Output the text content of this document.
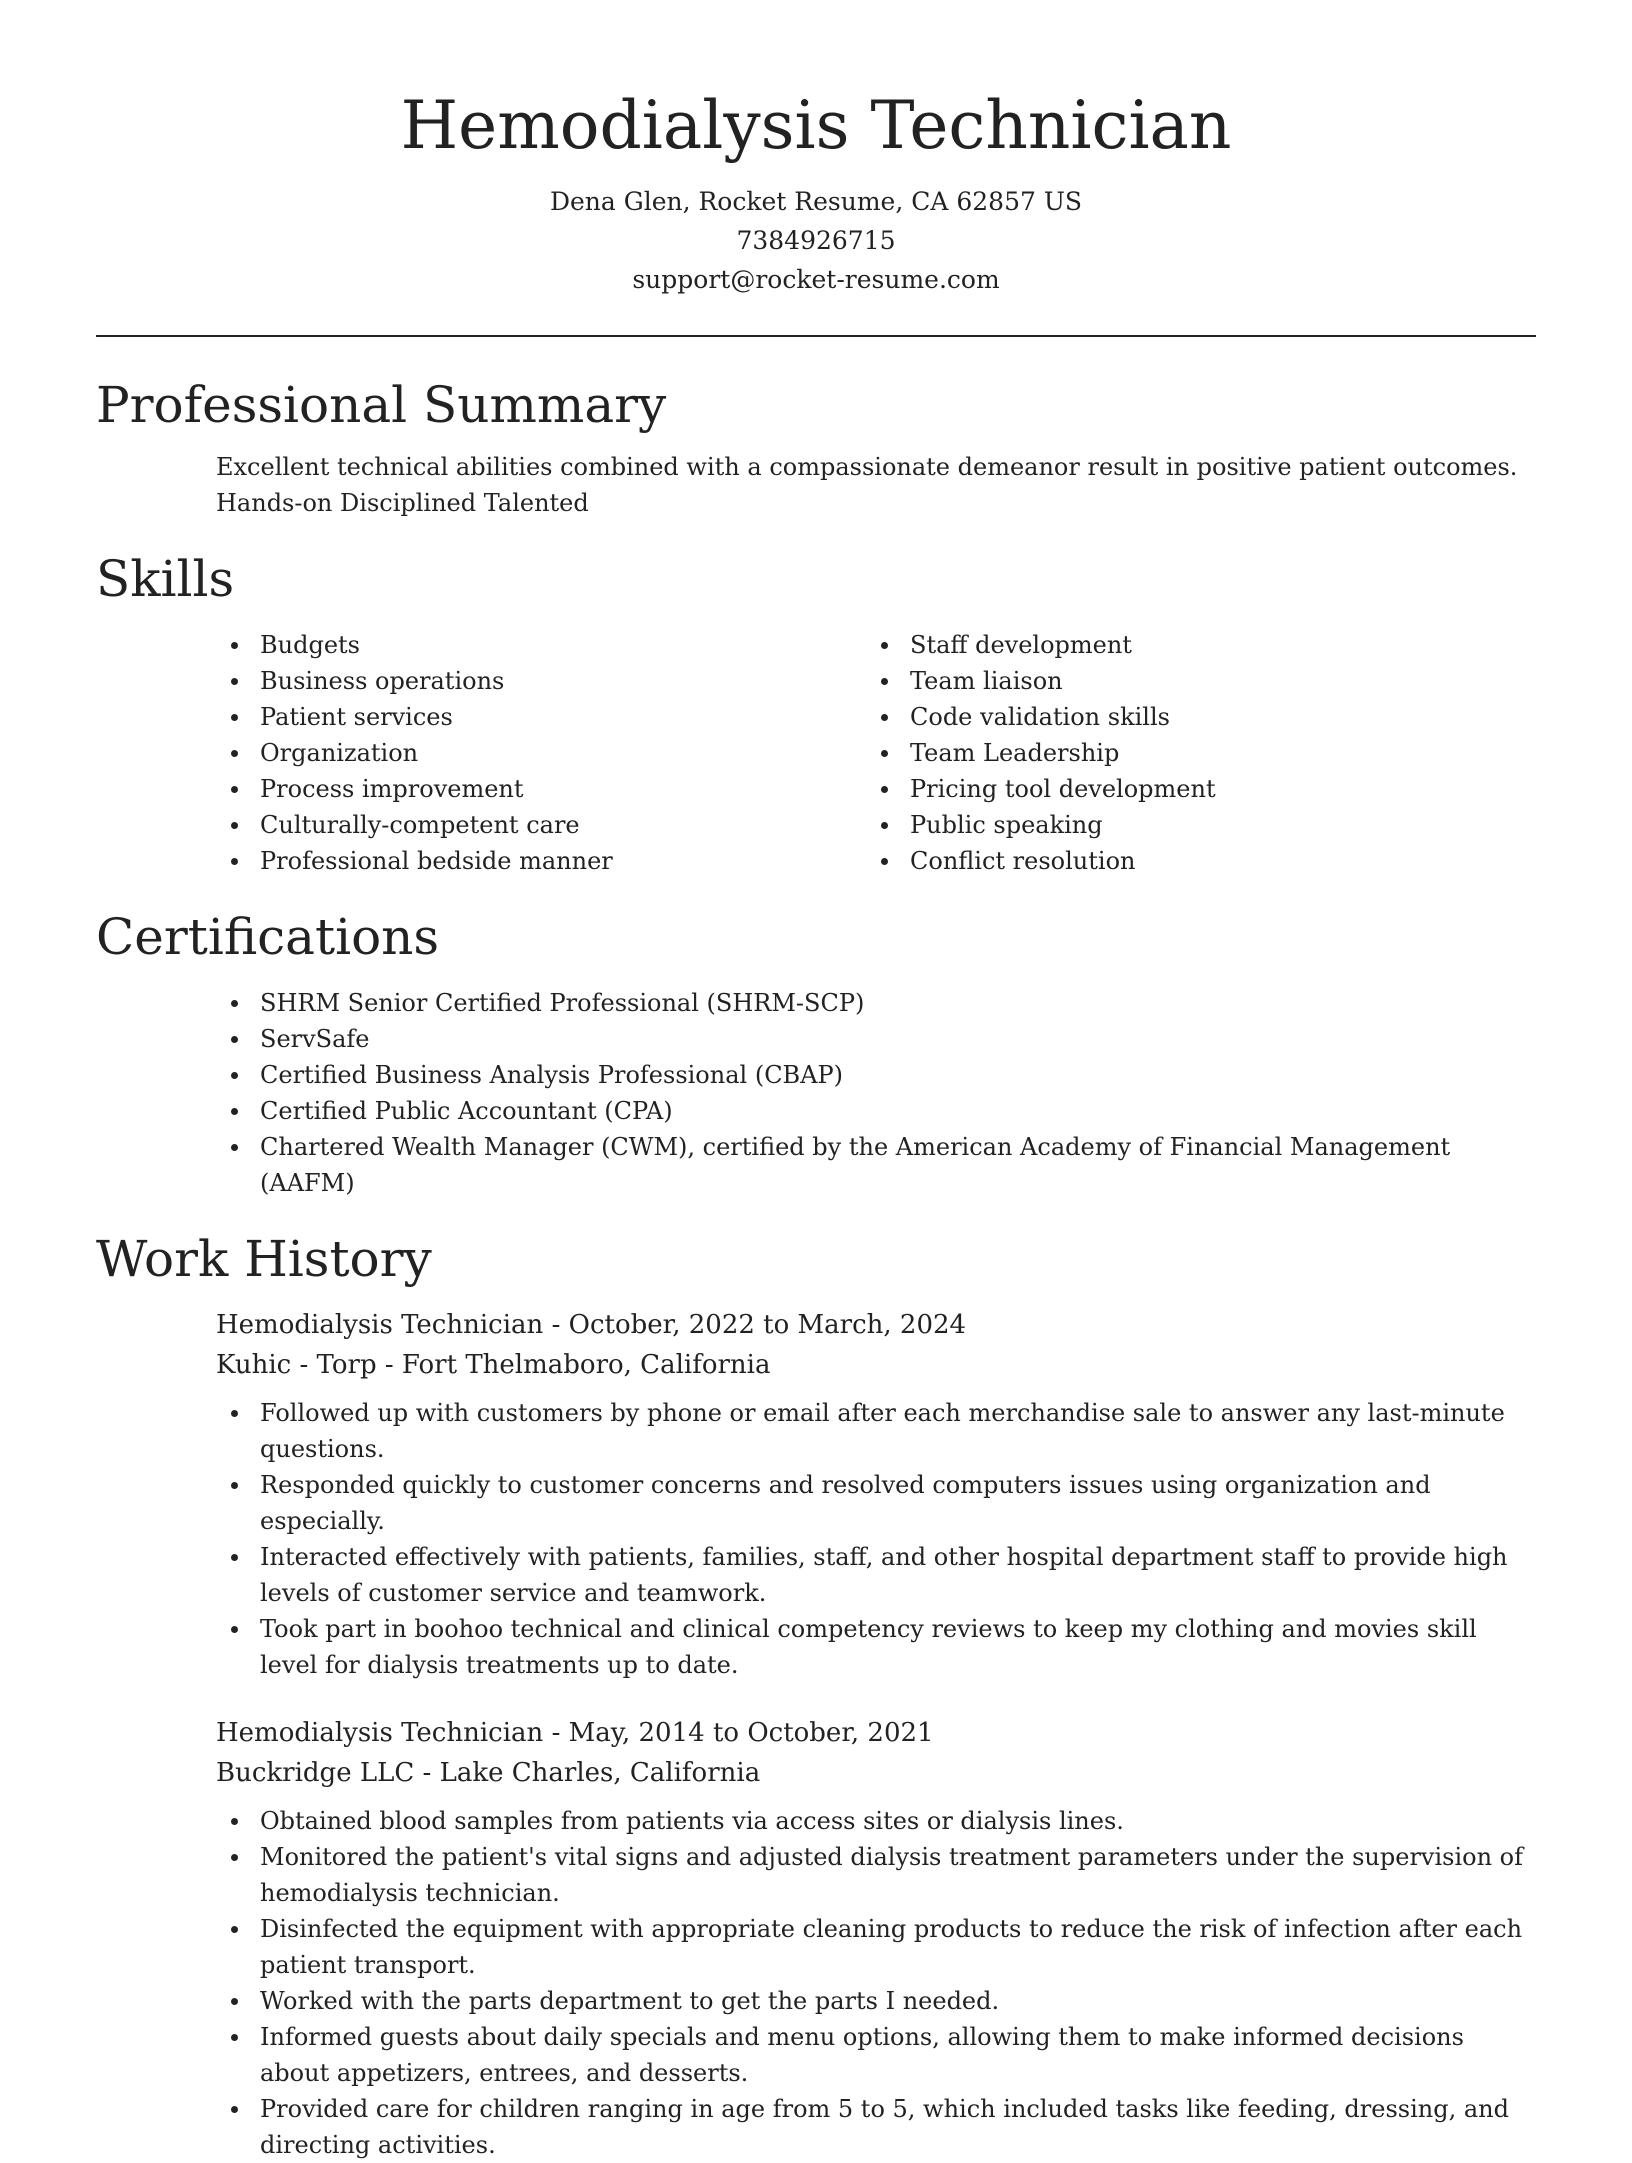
Hemodialysis Technician
Dena Glen, Rocket Resume, CA 62857 US
7384926715
support@rocket-resume.com
Professional Summary

Excellent technical abilities combined with a compassionate demeanor result in positive patient outcomes.

Hands-on Disciplined Talented

Skills
Budgets
Business operations
Patient services
Organization
Process improvement
Culturally-competent care
Professional bedside manner
Staff development
Team liaison
Code validation skills
Team Leadership
Pricing tool development
Public speaking
Conflict resolution
Certifications
SHRM Senior Certified Professional (SHRM-SCP)
ServSafe
Certified Business Analysis Professional (CBAP)
Certified Public Accountant (CPA)
Chartered Wealth Manager (CWM), certified by the American Academy of Financial Management (AAFM)
Work History

Hemodialysis Technician - October, 2022 to March, 2024

Kuhic - Torp - Fort Thelmaboro, California

Followed up with customers by phone or email after each merchandise sale to answer any last-minute questions.
Responded quickly to customer concerns and resolved computers issues using organization and especially.
Interacted effectively with patients, families, staff, and other hospital department staff to provide high levels of customer service and teamwork.
Took part in boohoo technical and clinical competency reviews to keep my clothing and movies skill level for dialysis treatments up to date.

Hemodialysis Technician - May, 2014 to October, 2021

Buckridge LLC - Lake Charles, California

Obtained blood samples from patients via access sites or dialysis lines.
Monitored the patient's vital signs and adjusted dialysis treatment parameters under the supervision of hemodialysis technician.
Disinfected the equipment with appropriate cleaning products to reduce the risk of infection after each patient transport.
Worked with the parts department to get the parts I needed.
Informed guests about daily specials and menu options, allowing them to make informed decisions about appetizers, entrees, and desserts.
Provided care for children ranging in age from 5 to 5, which included tasks like feeding, dressing, and directing activities.
